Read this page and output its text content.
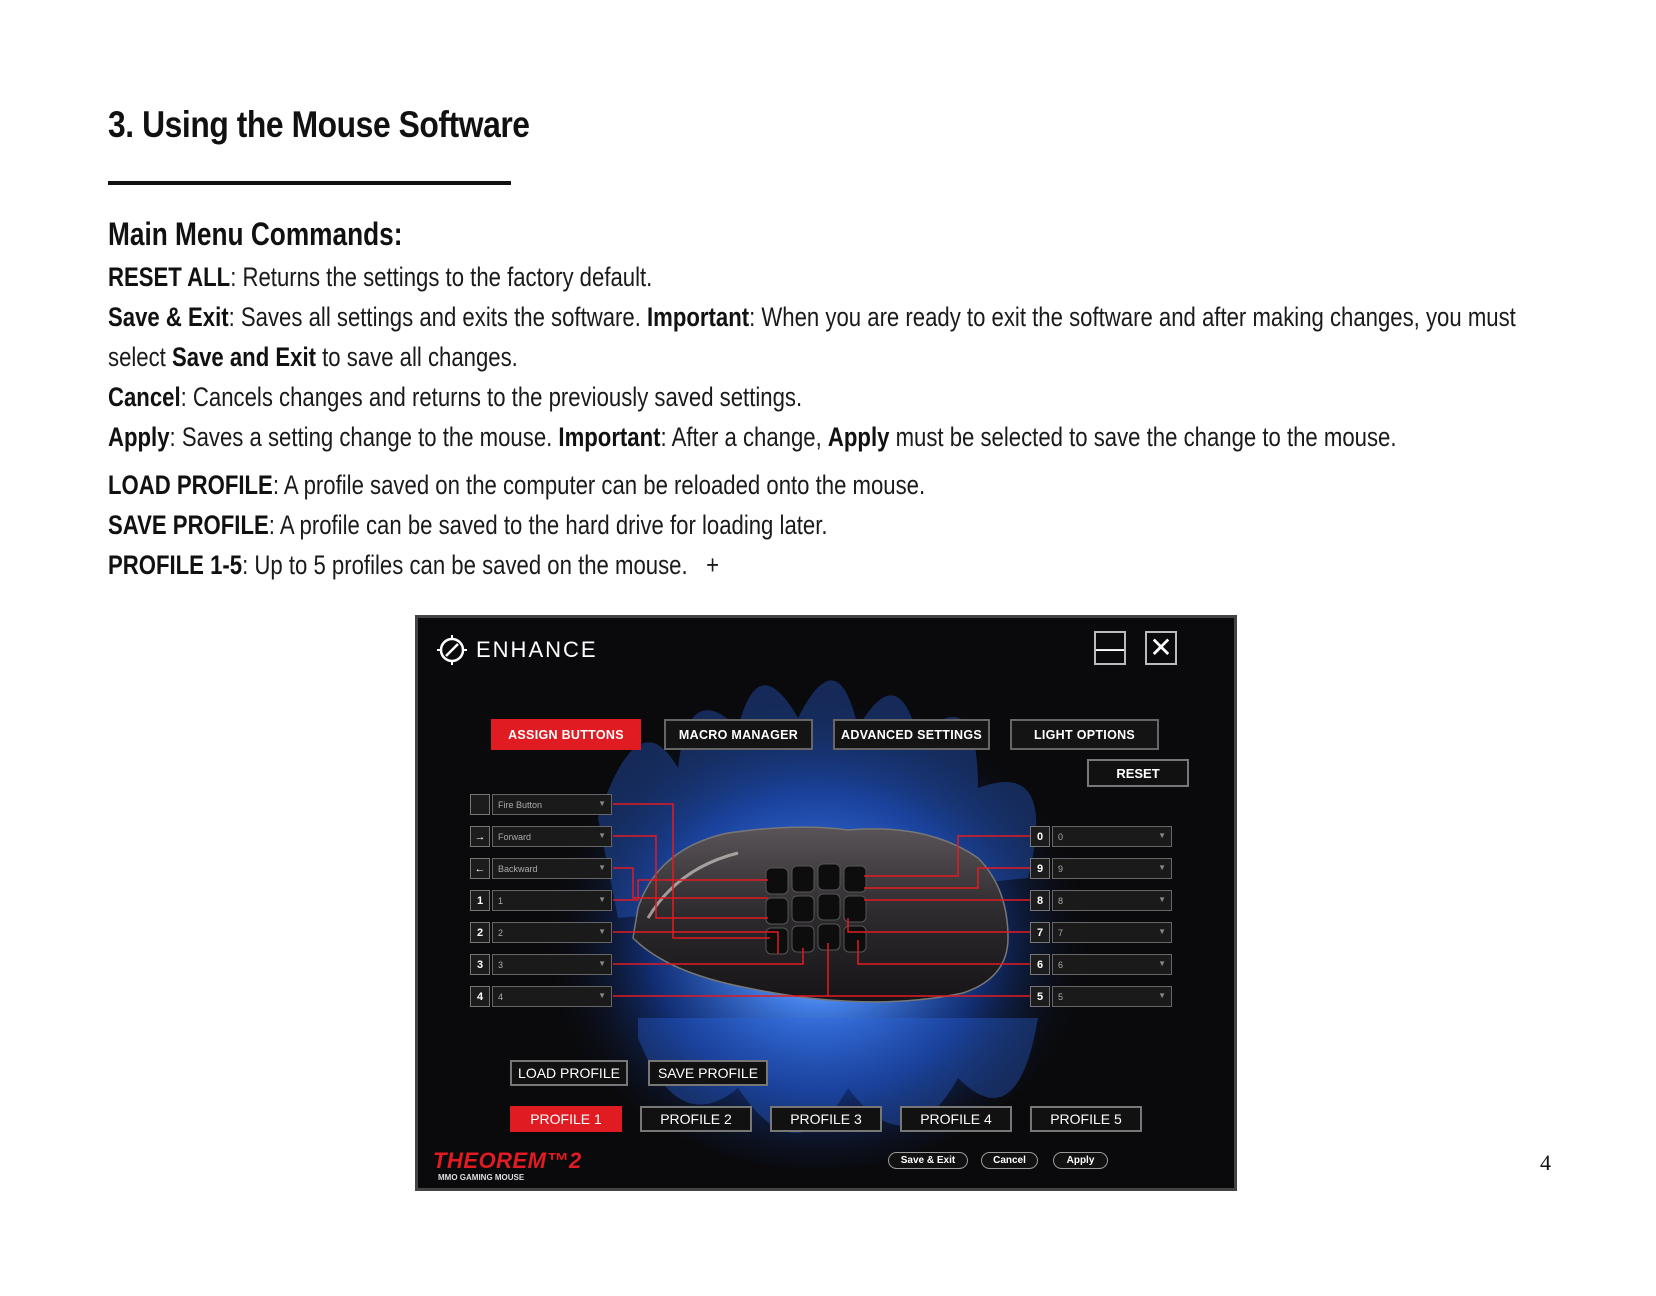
3. Using the Mouse Software
Main Menu Commands:

RESET ALL: Returns the settings to the factory default.

Save & Exit: Saves all settings and exits the software. Important: When you are ready to exit the software and after making changes, you must

select Save and Exit to save all changes.

Cancel: Cancels changes and returns to the previously saved settings.

Apply: Saves a setting change to the mouse. Important: After a change, Apply must be selected to save the change to the mouse.

LOAD PROFILE: A profile saved on the computer can be reloaded onto the mouse.

SAVE PROFILE: A profile can be saved to the hard drive for loading later.

PROFILE 1-5: Up to 5 profiles can be saved on the mouse. +

4
ENHANCE	— ✕
ASSIGN BUTTONS	MACRO MANAGER	ADVANCED SETTINGS	LIGHT OPTIONS
RESET
Fire Button	▼
→	Forward	▼
←	Backward	▼
1	1	▼
2	2	▼
3	3	▼
4	4	▼
0	0	▼
9	9	▼
8	8	▼
7	7	▼
6	6	▼
5	5	▼
LOAD PROFILE	SAVE PROFILE
PROFILE 1	PROFILE 2	PROFILE 3	PROFILE 4	PROFILE 5
THEOREM™2
MMO GAMING MOUSE
Save & Exit	Cancel	Apply
